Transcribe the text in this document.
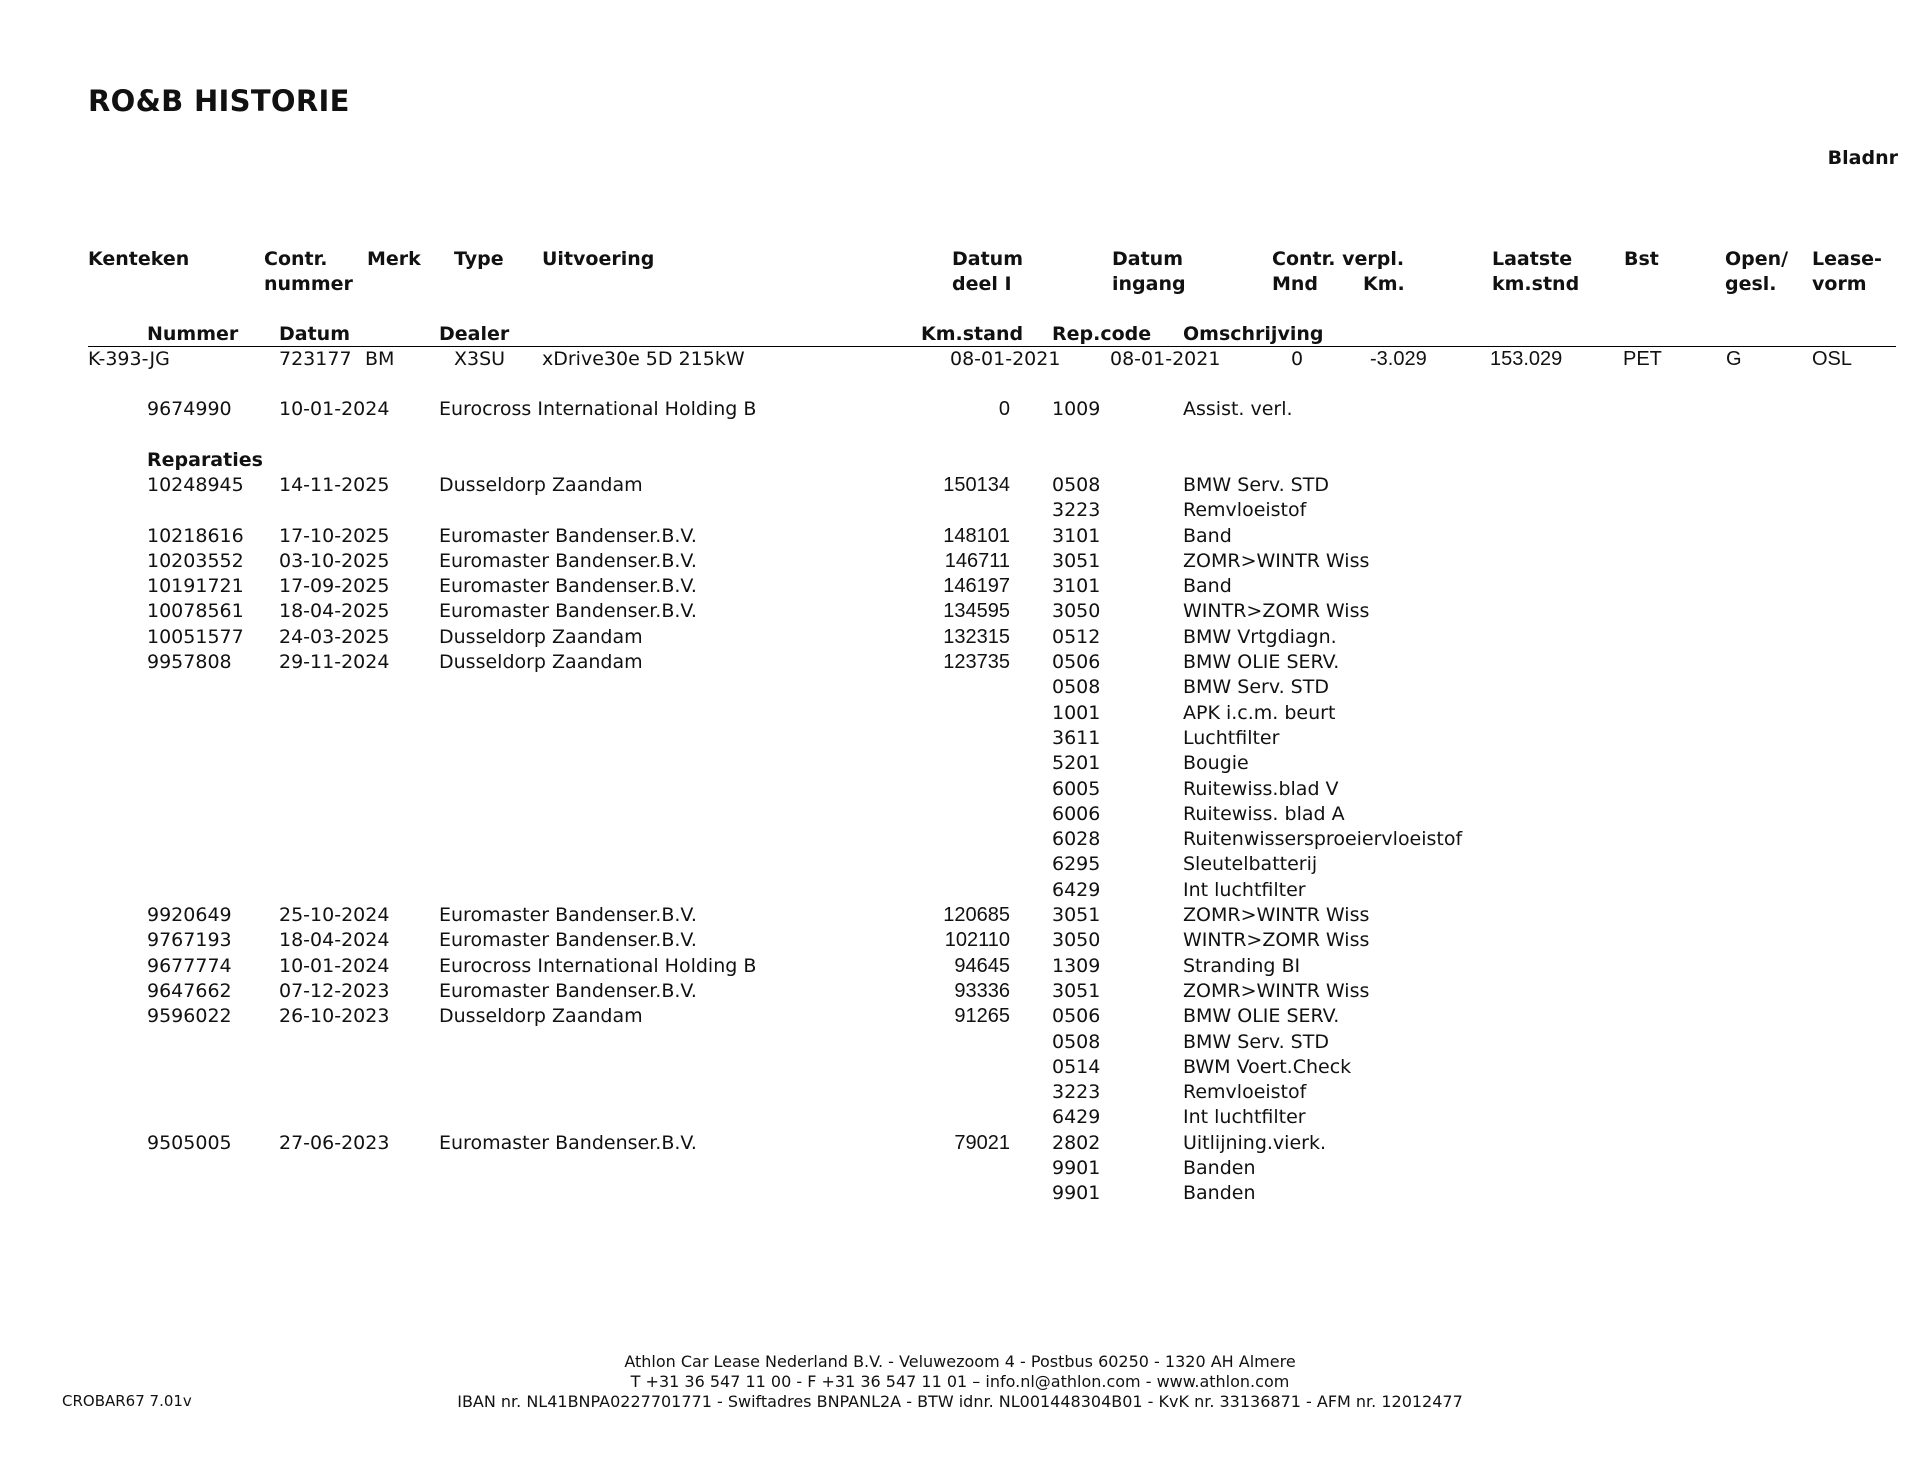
RO&B HISTORIE
Bladnr
Kenteken	Contr.
nummer
Merk Type Uitvoering	Datum
deel I
Datum
ingang
Contr. verpl.
Mnd Km.
Laatste
km.stnd
Bst	Open/
gesl.
Lease-
vorm
Nummer Datum	Dealer	Km.stand Rep.code Omschrijving
K-393-JG	723177 BM	X3SU xDrive30e 5D 215kW	08-01-2021	08-01-2021	0	-3.029	153.029	PET	G	OSL
9674990 10-01-2024	Eurocross International Holding B	0 1009	Assist. verl.
Reparaties
10248945 14-11-2025	Dusseldorp Zaandam	150134 0508	BMW Serv. STD
3223	Remvloeistof
10218616 17-10-2025	Euromaster Bandenser.B.V.	148101 3101	Band
10203552 03-10-2025	Euromaster Bandenser.B.V.	146711 3051	ZOMR>WINTR Wiss
10191721 17-09-2025	Euromaster Bandenser.B.V.	146197 3101	Band
10078561 18-04-2025	Euromaster Bandenser.B.V.	134595 3050	WINTR>ZOMR Wiss
10051577 24-03-2025	Dusseldorp Zaandam	132315 0512	BMW Vrtgdiagn.
9957808 29-11-2024	Dusseldorp Zaandam	123735 0506	BMW OLIE SERV.
0508	BMW Serv. STD
1001	APK i.c.m. beurt
3611	Luchtfilter
5201	Bougie
6005	Ruitewiss.blad V
6006	Ruitewiss. blad A
6028	Ruitenwissersproeiervloeistof
6295	Sleutelbatterij
6429	Int luchtfilter
9920649 25-10-2024	Euromaster Bandenser.B.V.	120685 3051	ZOMR>WINTR Wiss
9767193 18-04-2024	Euromaster Bandenser.B.V.	102110 3050	WINTR>ZOMR Wiss
9677774 10-01-2024	Eurocross International Holding B	94645 1309	Stranding BI
9647662 07-12-2023	Euromaster Bandenser.B.V.	93336 3051	ZOMR>WINTR Wiss
9596022 26-10-2023	Dusseldorp Zaandam	91265 0506	BMW OLIE SERV.
0508	BMW Serv. STD
0514	BWM Voert.Check
3223	Remvloeistof
6429	Int luchtfilter
9505005 27-06-2023	Euromaster Bandenser.B.V.	79021 2802	Uitlijning.vierk.
9901	Banden
9901	Banden
Athlon Car Lease Nederland B.V. - Veluwezoom 4 - Postbus 60250 - 1320 AH Almere
T +31 36 547 11 00 - F +31 36 547 11 01 – info.nl@athlon.com - www.athlon.com
IBAN nr. NL41BNPA0227701771 - Swiftadres BNPANL2A - BTW idnr. NL001448304B01 - KvK nr. 33136871 - AFM nr. 12012477
CROBAR67 7.01v
